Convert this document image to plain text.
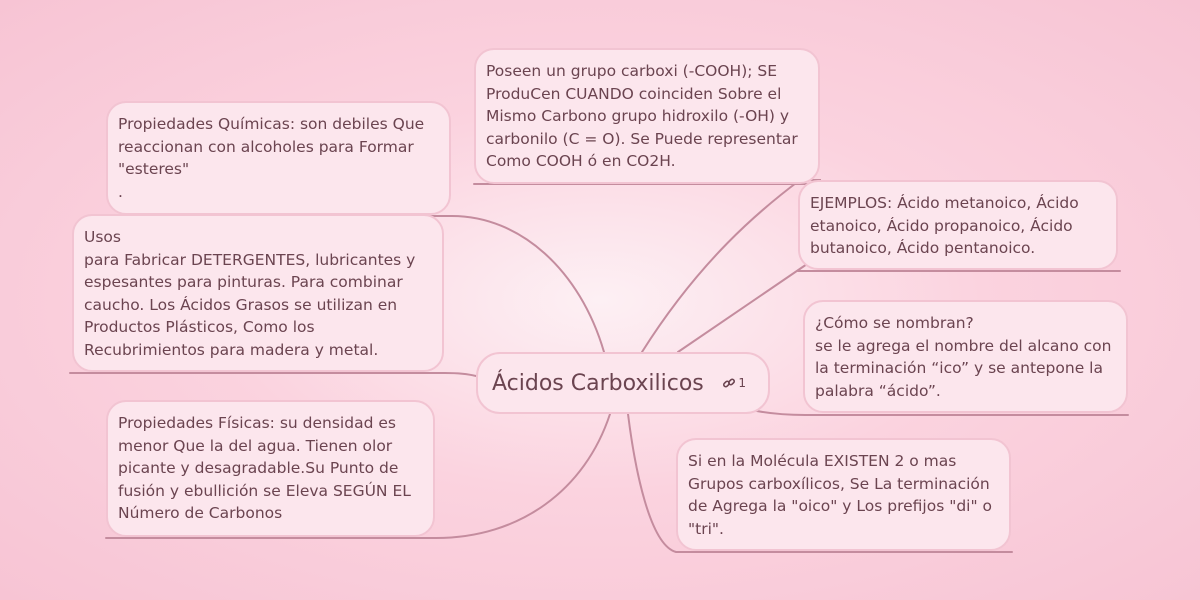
Poseen un grupo carboxi (-COOH); SE
ProduCen CUANDO coinciden Sobre el
Mismo Carbono grupo hidroxilo (-OH) y
carbonilo (C = O). Se Puede representar
Como COOH ó en CO2H.
EJEMPLOS: Ácido metanoico, Ácido
etanoico, Ácido propanoico, Ácido
butanoico, Ácido pentanoico.
¿Cómo se nombran?
se le agrega el nombre del alcano con
la terminación “ico” y se antepone la
palabra “ácido”.
Si en la Molécula EXISTEN 2 o mas
Grupos carboxílicos, Se La terminación
de Agrega la "oico" y Los prefijos "di" o
"tri".
Propiedades Químicas: son debiles Que
reaccionan con alcoholes para Formar
"esteres"
.
Usos
para Fabricar DETERGENTES, lubricantes y
espesantes para pinturas. Para combinar
caucho. Los Ácidos Grasos se utilizan en
Productos Plásticos, Como los
Recubrimientos para madera y metal.
Propiedades Físicas: su densidad es
menor Que la del agua. Tienen olor
picante y desagradable.Su Punto de
fusión y ebullición se Eleva SEGÚN EL
Número de Carbonos
Ácidos Carboxilicos	1
